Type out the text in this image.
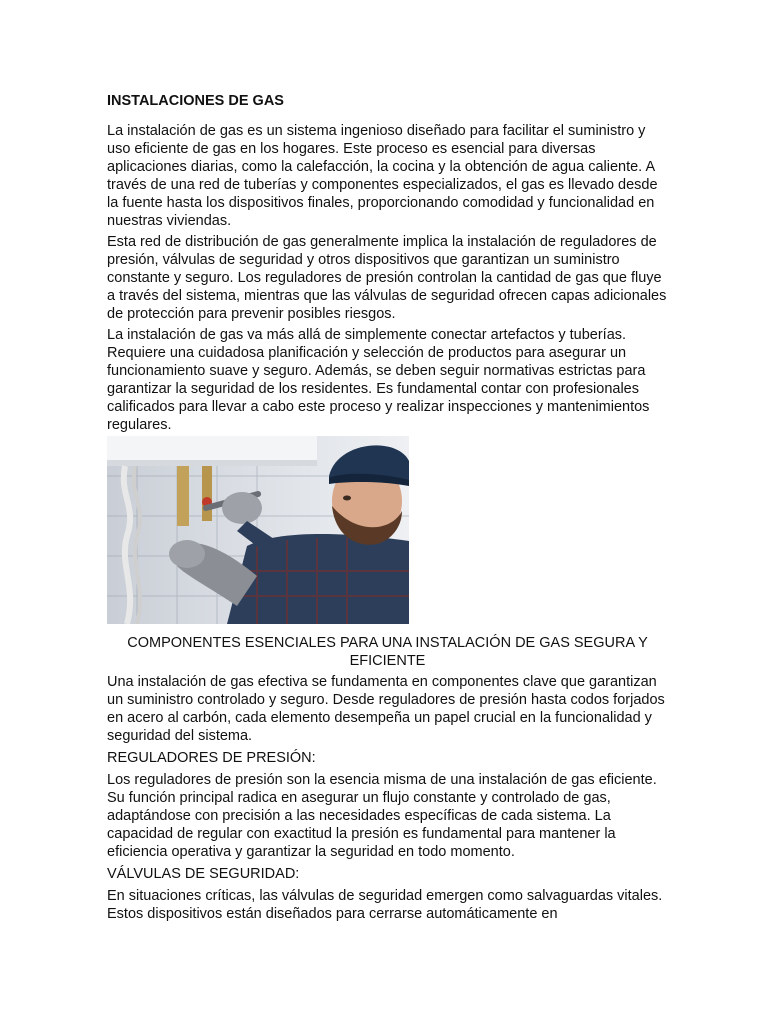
INSTALACIONES DE GAS

La instalación de gas es un sistema ingenioso diseñado para facilitar el suministro y uso eficiente de gas en los hogares. Este proceso es esencial para diversas aplicaciones diarias, como la calefacción, la cocina y la obtención de agua caliente. A través de una red de tuberías y componentes especializados, el gas es llevado desde la fuente hasta los dispositivos finales, proporcionando comodidad y funcionalidad en nuestras viviendas.

Esta red de distribución de gas generalmente implica la instalación de reguladores de presión, válvulas de seguridad y otros dispositivos que garantizan un suministro constante y seguro. Los reguladores de presión controlan la cantidad de gas que fluye a través del sistema, mientras que las válvulas de seguridad ofrecen capas adicionales de protección para prevenir posibles riesgos.

La instalación de gas va más allá de simplemente conectar artefactos y tuberías. Requiere una cuidadosa planificación y selección de productos para asegurar un funcionamiento suave y seguro. Además, se deben seguir normativas estrictas para garantizar la seguridad de los residentes. Es fundamental contar con profesionales calificados para llevar a cabo este proceso y realizar inspecciones y mantenimientos regulares.

COMPONENTES ESENCIALES PARA UNA INSTALACIÓN DE GAS SEGURA Y EFICIENTE

Una instalación de gas efectiva se fundamenta en componentes clave que garantizan un suministro controlado y seguro. Desde reguladores de presión hasta codos forjados en acero al carbón, cada elemento desempeña un papel crucial en la funcionalidad y seguridad del sistema.

REGULADORES DE PRESIÓN:

Los reguladores de presión son la esencia misma de una instalación de gas eficiente. Su función principal radica en asegurar un flujo constante y controlado de gas, adaptándose con precisión a las necesidades específicas de cada sistema. La capacidad de regular con exactitud la presión es fundamental para mantener la eficiencia operativa y garantizar la seguridad en todo momento.

VÁLVULAS DE SEGURIDAD:

En situaciones críticas, las válvulas de seguridad emergen como salvaguardas vitales. Estos dispositivos están diseñados para cerrarse automáticamente en
